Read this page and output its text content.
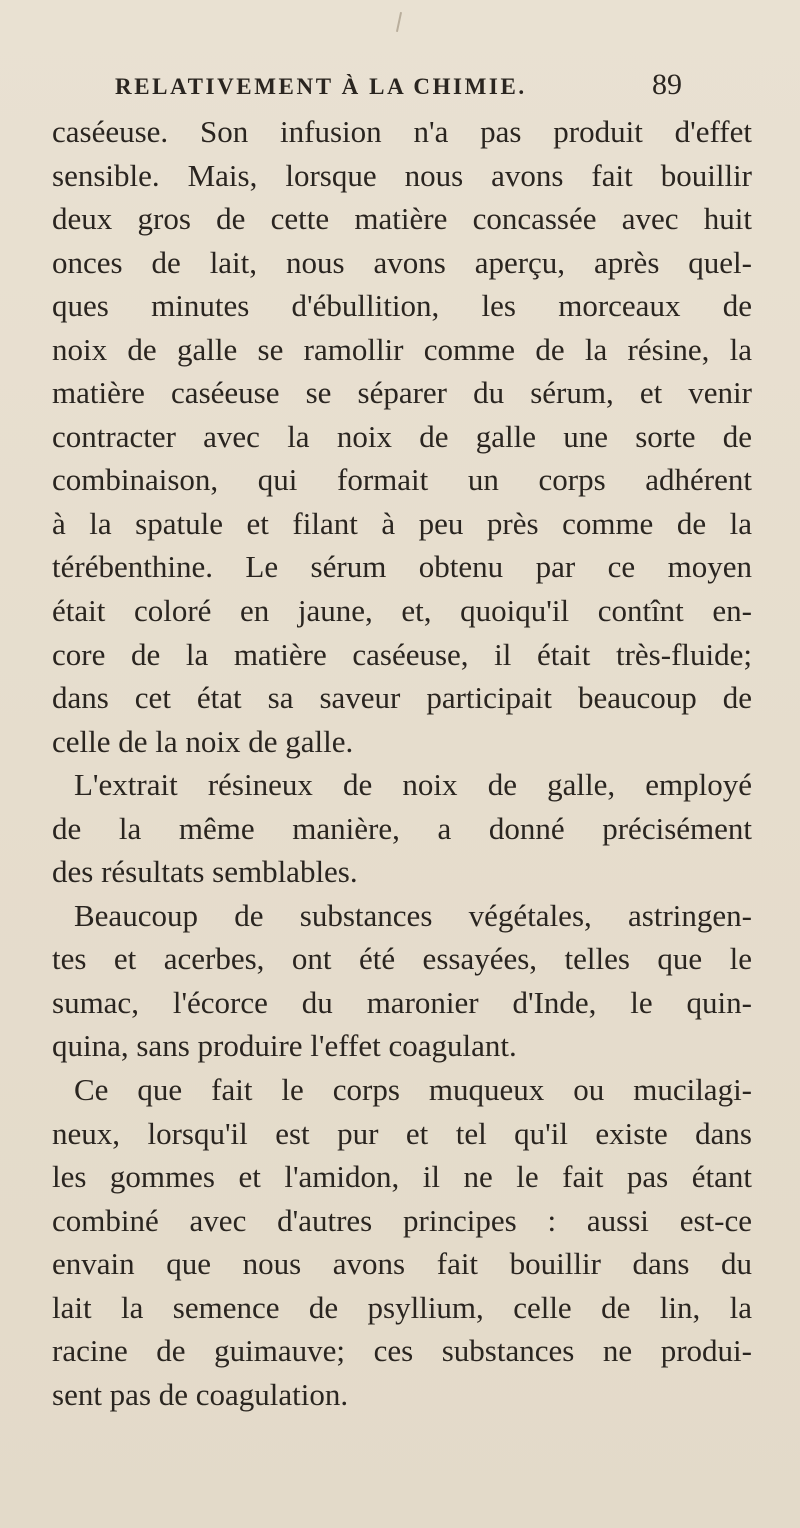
RELATIVEMENT À LA CHIMIE.	89
caséeuse. Son infusion n'a pas produit d'effet
sensible. Mais, lorsque nous avons fait bouillir
deux gros de cette matière concassée avec huit
onces de lait, nous avons aperçu, après quel-
ques minutes d'ébullition, les morceaux de
noix de galle se ramollir comme de la résine, la
matière caséeuse se séparer du sérum, et venir
contracter avec la noix de galle une sorte de
combinaison, qui formait un corps adhérent
à la spatule et filant à peu près comme de la
térébenthine. Le sérum obtenu par ce moyen
était coloré en jaune, et, quoiqu'il contînt en-
core de la matière caséeuse, il était très-fluide;
dans cet état sa saveur participait beaucoup de
celle de la noix de galle.
L'extrait résineux de noix de galle, employé
de la même manière, a donné précisément
des résultats semblables.
Beaucoup de substances végétales, astringen-
tes et acerbes, ont été essayées, telles que le
sumac, l'écorce du maronier d'Inde, le quin-
quina, sans produire l'effet coagulant.
Ce que fait le corps muqueux ou mucilagi-
neux, lorsqu'il est pur et tel qu'il existe dans
les gommes et l'amidon, il ne le fait pas étant
combiné avec d'autres principes : aussi est-ce
envain que nous avons fait bouillir dans du
lait la semence de psyllium, celle de lin, la
racine de guimauve; ces substances ne produi-
sent pas de coagulation.
